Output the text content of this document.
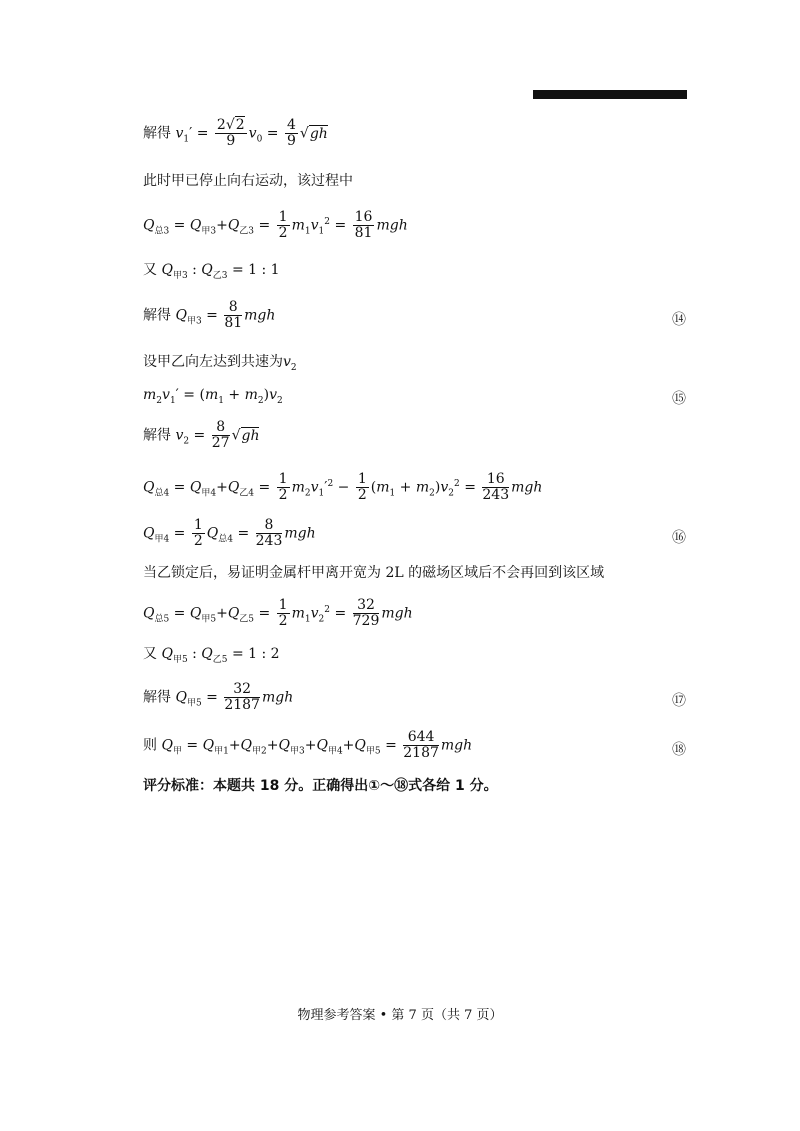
解得 $v_1' = \frac{2√2}{9} v_0 = \frac{4}{9} √gh$
此时甲已停止向右运动，该过程中
$Q_{总3} = Q_{甲3}+Q_{乙3} = \frac{1}{2} m_1v_1^2 = \frac{16}{81}$ mgh
又 $Q_{甲3}$ : $Q_{乙3} = 1$ : 1
解得 $Q_{甲3} = \frac{8}{81}$ mgh	⑭
设甲乙向左达到共速为$v_2$
$m_2v_1' = (m_1 + m_2)v_2$	⑮
解得 $v_2 = \frac{8}{27} √gh$
$Q_{总4} = Q_{甲4}+Q_{乙4} = \frac{1}{2} m_2v_1'^2 - \frac{1}{2} (m_1 + m_2)v_2^2 = \frac{16}{243}$ mgh
$Q_{甲4} = \frac{1}{2} Q_{总4} = \frac{8}{243}$ mgh	⑯
当乙锁定后，易证明金属杆甲离开宽为 2L 的磁场区域后不会再回到该区域
$Q_{总5} = Q_{甲5}+Q_{乙5} = \frac{1}{2} m_1v_2^2 = \frac{32}{729}$ mgh
又 $Q_{甲5}$ : $Q_{乙5} = 1$ : 2
解得 $Q_{甲5} = \frac{32}{2187}$ mgh	⑰
则 $Q_甲 = Q_{甲1}+Q_{甲2}+Q_{甲3}+Q_{甲4}+Q_{甲5} = \frac{644}{2187}$ mgh	⑱
评分标准：本题共 18 分。正确得出①～⑱式各给 1 分。
物理参考答案 • 第 7 页（共 7 页）
